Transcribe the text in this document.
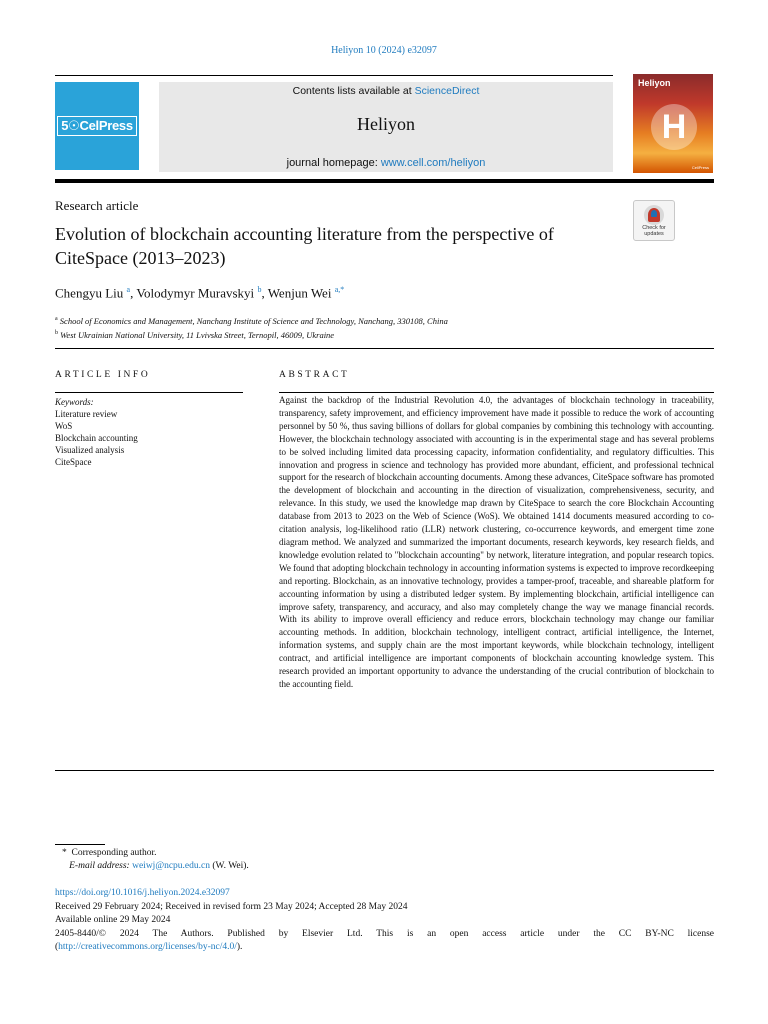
Heliyon 10 (2024) e32097
5☉CelPress
Contents lists available at ScienceDirect
Heliyon
journal homepage: www.cell.com/heliyon
Heliyon
H
CellPress
Research article
Evolution of blockchain accounting literature from the perspective of CiteSpace (2013–2023)
Check for updates
Chengyu Liu $^a$, Volodymyr Muravskyi $^b$, Wenjun Wei $^{a,*}$
$^a$ School of Economics and Management, Nanchang Institute of Science and Technology, Nanchang, 330108, China
$^b$ West Ukrainian National University, 11 Lvivska Street, Ternopil, 46009, Ukraine
ARTICLE INFO	ABSTRACT
Keywords:
Literature review
WoS
Blockchain accounting
Visualized analysis
CiteSpace
Against the backdrop of the Industrial Revolution 4.0, the advantages of blockchain technology in traceability, transparency, safety improvement, and efficiency improvement have made it possible to reduce the work of accounting personnel by 50 %, thus saving billions of dollars for global companies by combining this technology with accounting. However, the blockchain technology associated with accounting is in the experimental stage and has several problems to be solved including limited data processing capacity, information confidentiality, and regulatory difficulties. This innovation and progress in science and technology has provided more abundant, efficient, and professional technical support for the research of blockchain accounting documents. Among these advances, CiteSpace software has promoted the development of blockchain and accounting in the direction of visualization, comprehensiveness, security, and relevance. In this study, we used the knowledge map drawn by CiteSpace to search the core Blockchain Accounting database from 2013 to 2023 on the Web of Science (WoS). We obtained 1414 documents measured according to co-citation analysis, log-likelihood ratio (LLR) network clustering, co-occurrence keywords, and emergent time zone diagram method. We analyzed and summarized the important documents, research keywords, key research fields, and knowledge evolution related to "blockchain accounting" by network, literature integration, and popular research topics. We found that adopting blockchain technology in accounting information systems is expected to improve recordkeeping and reporting. Blockchain, as an innovative technology, provides a tamper-proof, traceable, and shareable platform for accounting information by using a distributed ledger system. By implementing blockchain, artificial intelligence can improve safety, transparency, and accuracy, and also may completely change the way we manage financial records. With its ability to improve overall efficiency and reduce errors, blockchain technology may change our familiar accounting methods. In addition, blockchain technology, intelligent contract, artificial intelligence, the Internet, information systems, and supply chain are the most important keywords, while blockchain technology, intelligent contract, and artificial intelligence are important components of blockchain accounting knowledge system. This research provided an important opportunity to advance the understanding of the crucial contribution of blockchain to the accounting field.
* Corresponding author.
E-mail address: weiwj@ncpu.edu.cn (W. Wei).
https://doi.org/10.1016/j.heliyon.2024.e32097
Received 29 February 2024; Received in revised form 23 May 2024; Accepted 28 May 2024
Available online 29 May 2024
2405-8440/© 2024 The Authors. Published by Elsevier Ltd. This is an open access article under the CC BY-NC license
(http://creativecommons.org/licenses/by-nc/4.0/).
